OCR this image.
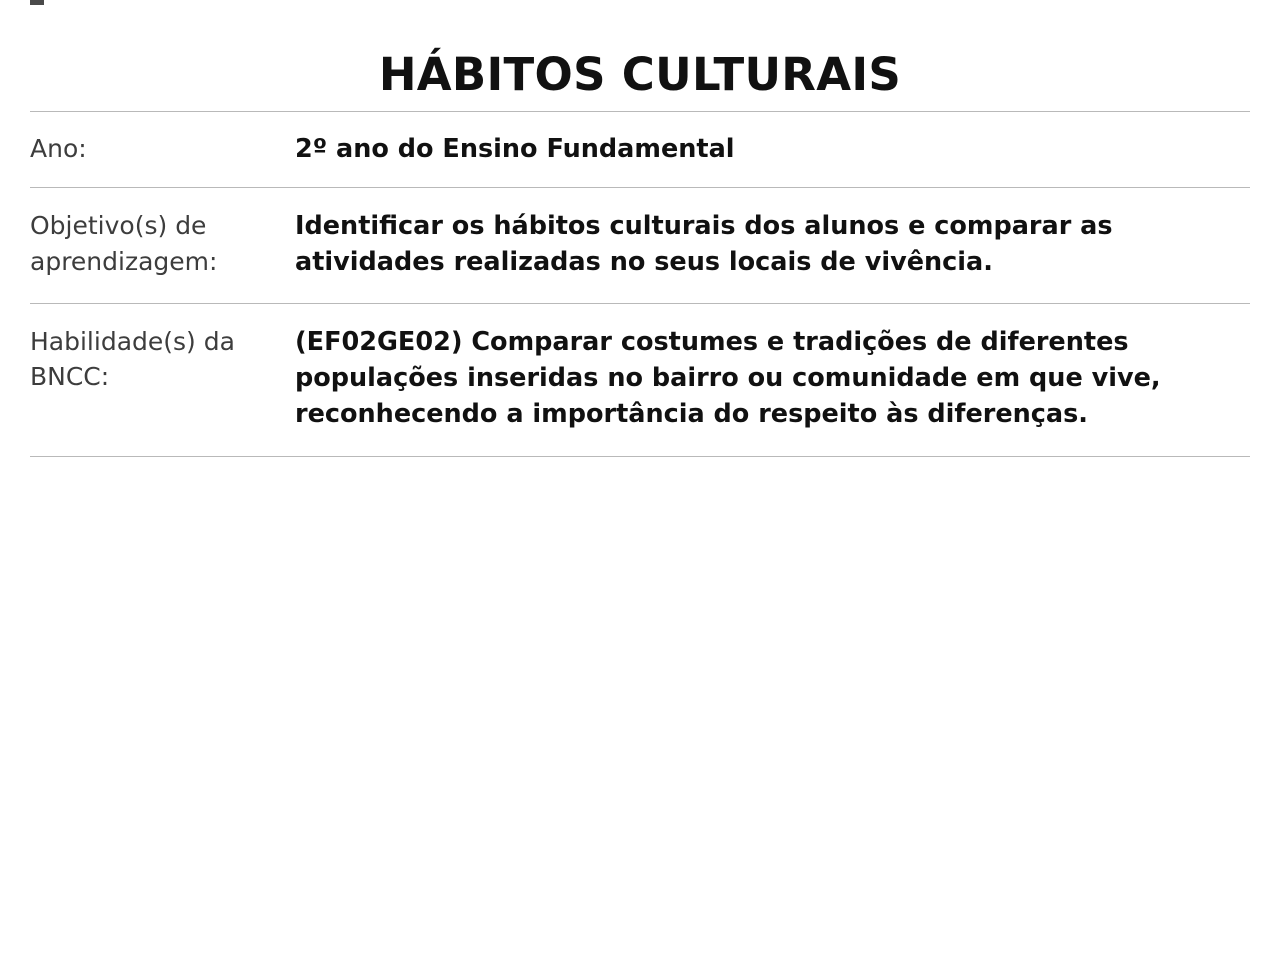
HÁBITOS CULTURAIS
Ano:	2º ano do Ensino Fundamental
Objetivo(s) de aprendizagem:
Identificar os hábitos culturais dos alunos e comparar as atividades realizadas no seus locais de vivência.
Habilidade(s) da BNCC:
(EF02GE02) Comparar costumes e tradições de diferentes populações inseridas no bairro ou comunidade em que vive, reconhecendo a importância do respeito às diferenças.
